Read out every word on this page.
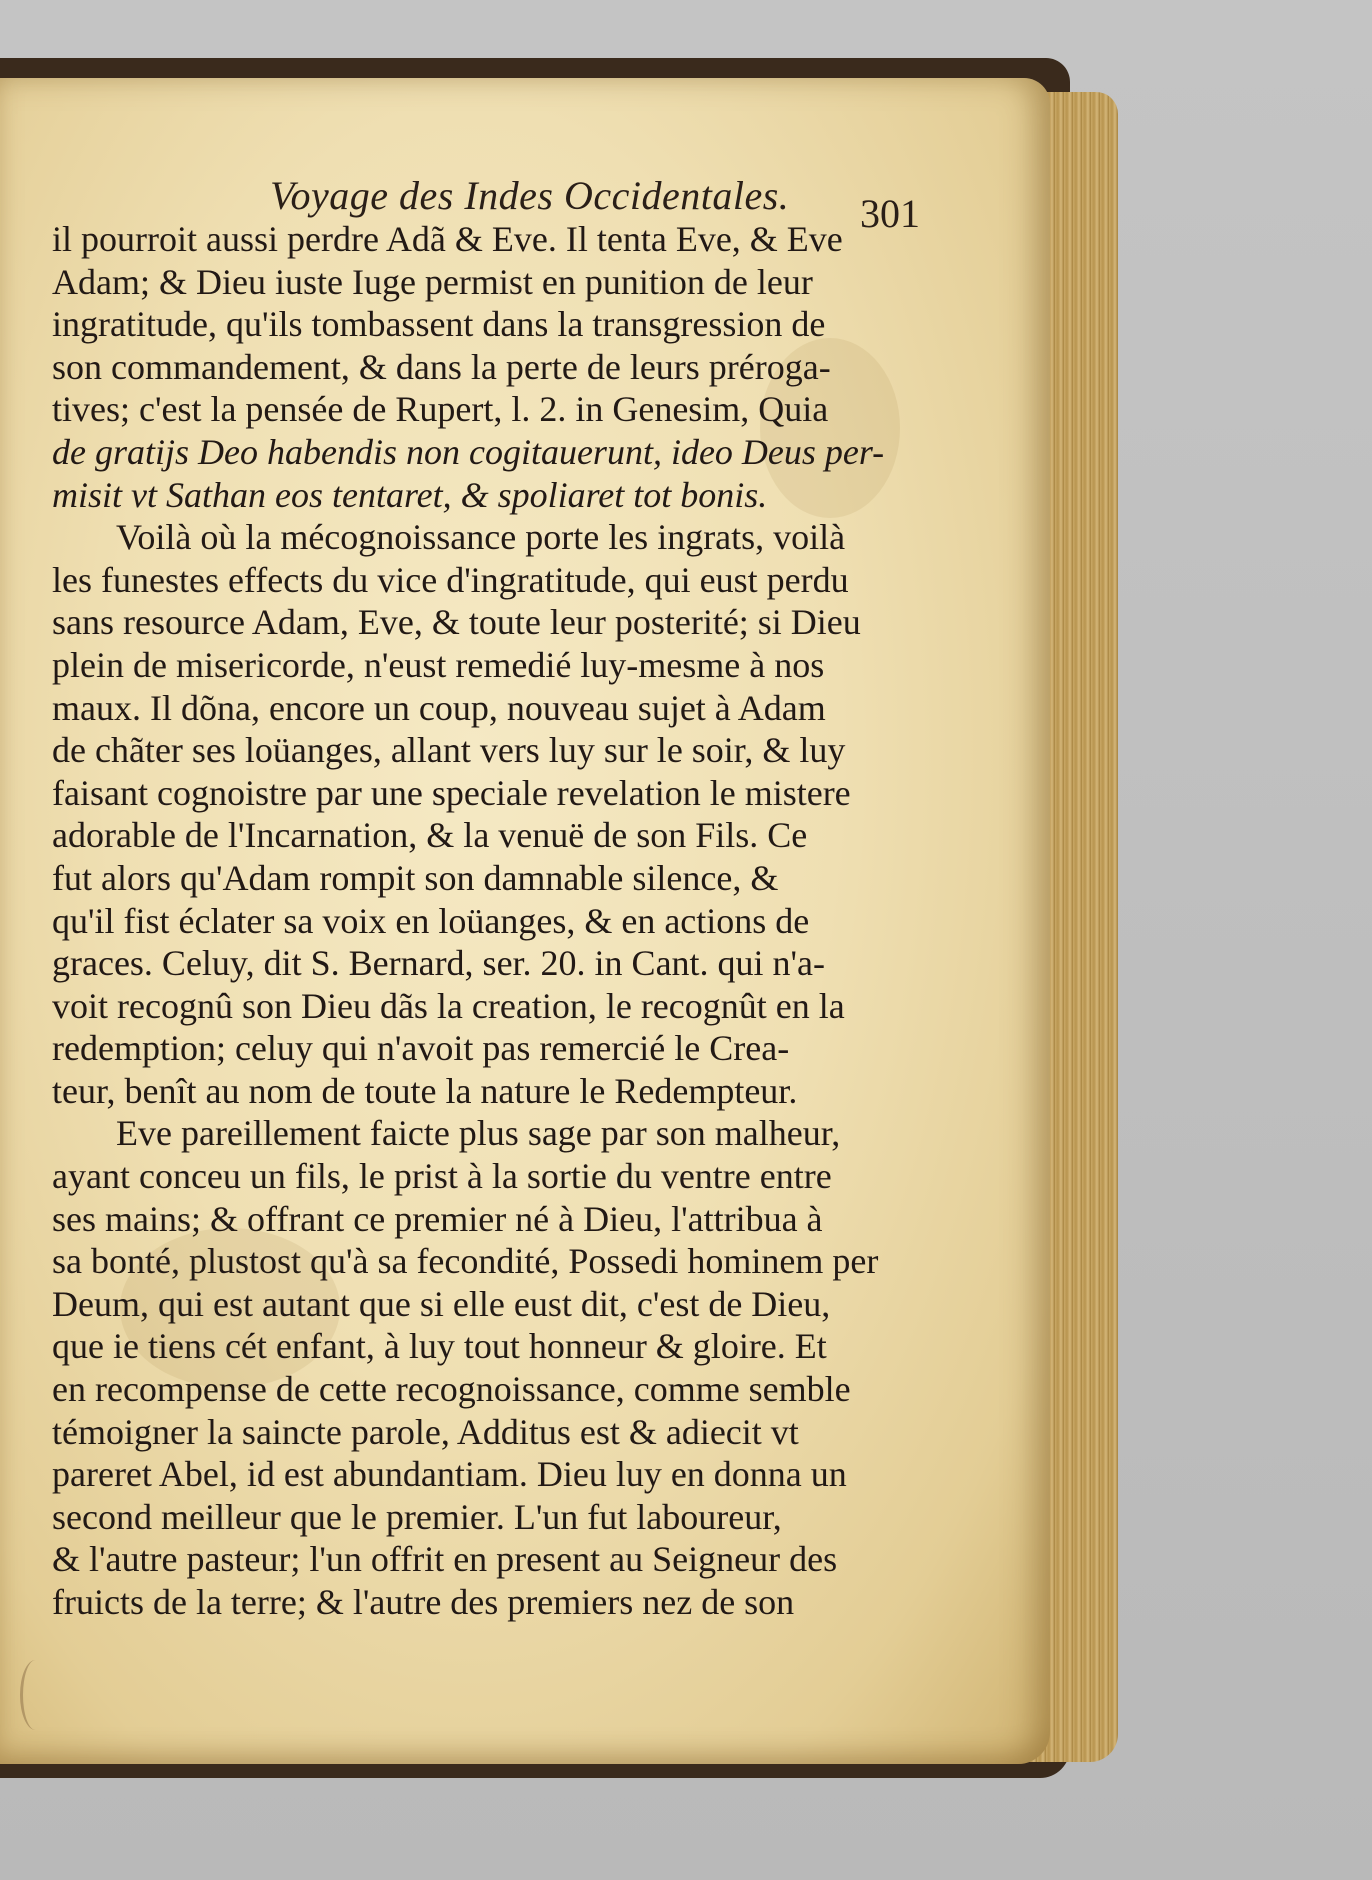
Voyage des Indes Occidentales. 301
il pourroit aussi perdre Adã & Eve. Il tenta Eve, & Eve
Adam; & Dieu iuste Iuge permist en punition de leur
ingratitude, qu'ils tombassent dans la transgression de
son commandement, & dans la perte de leurs préroga-
tives; c'est la pensée de Rupert, l. 2. in Genesim, Quia
de gratijs Deo habendis non cogitauerunt, ideo Deus per-
misit vt Sathan eos tentaret, & spoliaret tot bonis.
Voilà où la mécognoissance porte les ingrats, voilà
les funestes effects du vice d'ingratitude, qui eust perdu
sans resource Adam, Eve, & toute leur posterité; si Dieu
plein de misericorde, n'eust remedié luy-mesme à nos
maux. Il dõna, encore un coup, nouveau sujet à Adam
de chãter ses loüanges, allant vers luy sur le soir, & luy
faisant cognoistre par une speciale revelation le mistere
adorable de l'Incarnation, & la venuë de son Fils. Ce
fut alors qu'Adam rompit son damnable silence, &
qu'il fist éclater sa voix en loüanges, & en actions de
graces. Celuy, dit S. Bernard, ser. 20. in Cant. qui n'a-
voit recognû son Dieu dãs la creation, le recognût en la
redemption; celuy qui n'avoit pas remercié le Crea-
teur, benît au nom de toute la nature le Redempteur.
Eve pareillement faicte plus sage par son malheur,
ayant conceu un fils, le prist à la sortie du ventre entre
ses mains; & offrant ce premier né à Dieu, l'attribua à
sa bonté, plustost qu'à sa fecondité, Possedi hominem per
Deum, qui est autant que si elle eust dit, c'est de Dieu,
que ie tiens cét enfant, à luy tout honneur & gloire. Et
en recompense de cette recognoissance, comme semble
témoigner la saincte parole, Additus est & adiecit vt
pareret Abel, id est abundantiam. Dieu luy en donna un
second meilleur que le premier. L'un fut laboureur,
& l'autre pasteur; l'un offrit en present au Seigneur des
fruicts de la terre; & l'autre des premiers nez de son
